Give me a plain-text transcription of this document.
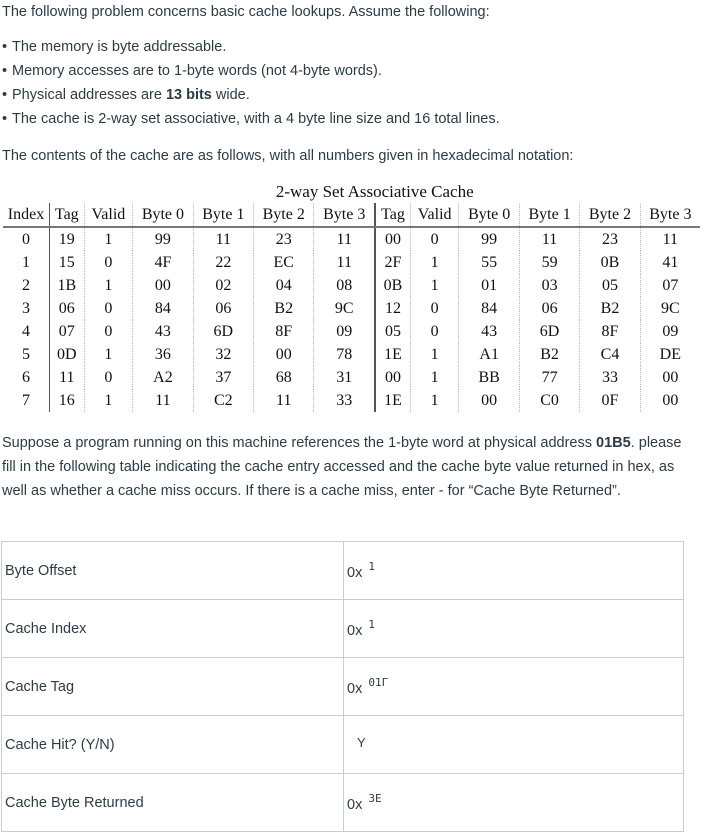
The following problem concerns basic cache lookups. Assume the following:

• The memory is byte addressable.
• Memory accesses are to 1-byte words (not 4-byte words).
• Physical addresses are 13 bits wide.
• The cache is 2-way set associative, with a 4 byte line size and 16 total lines.

The contents of the cache are as follows, with all numbers given in hexadecimal notation:

	2-way Set Associative Cache											
Index	Tag	Valid	Byte 0	Byte 1	Byte 2	Byte 3	Tag	Valid	Byte 0	Byte 1	Byte 2	Byte 3
0	19	1	99	11	23	11	00	0	99	11	23	11
1	15	0	4F	22	EC	11	2F	1	55	59	0B	41
2	1B	1	00	02	04	08	0B	1	01	03	05	07
3	06	0	84	06	B2	9C	12	0	84	06	B2	9C
4	07	0	43	6D	8F	09	05	0	43	6D	8F	09
5	0D	1	36	32	00	78	1E	1	A1	B2	C4	DE
6	11	0	A2	37	68	31	00	1	BB	77	33	00
7	16	1	11	C2	11	33	1E	1	00	C0	0F	00

Suppose a program running on this machine references the 1-byte word at physical address 01B5. please fill in the following table indicating the cache entry accessed and the cache byte value returned in hex, as well as whether a cache miss occurs. If there is a cache miss, enter - for “Cache Byte Returned”.

Byte Offset	0x 1
Cache Index	0x 1
Cache Tag	0x 01Г
Cache Hit? (Y/N)	Y
Cache Byte Returned	0x 3Е
